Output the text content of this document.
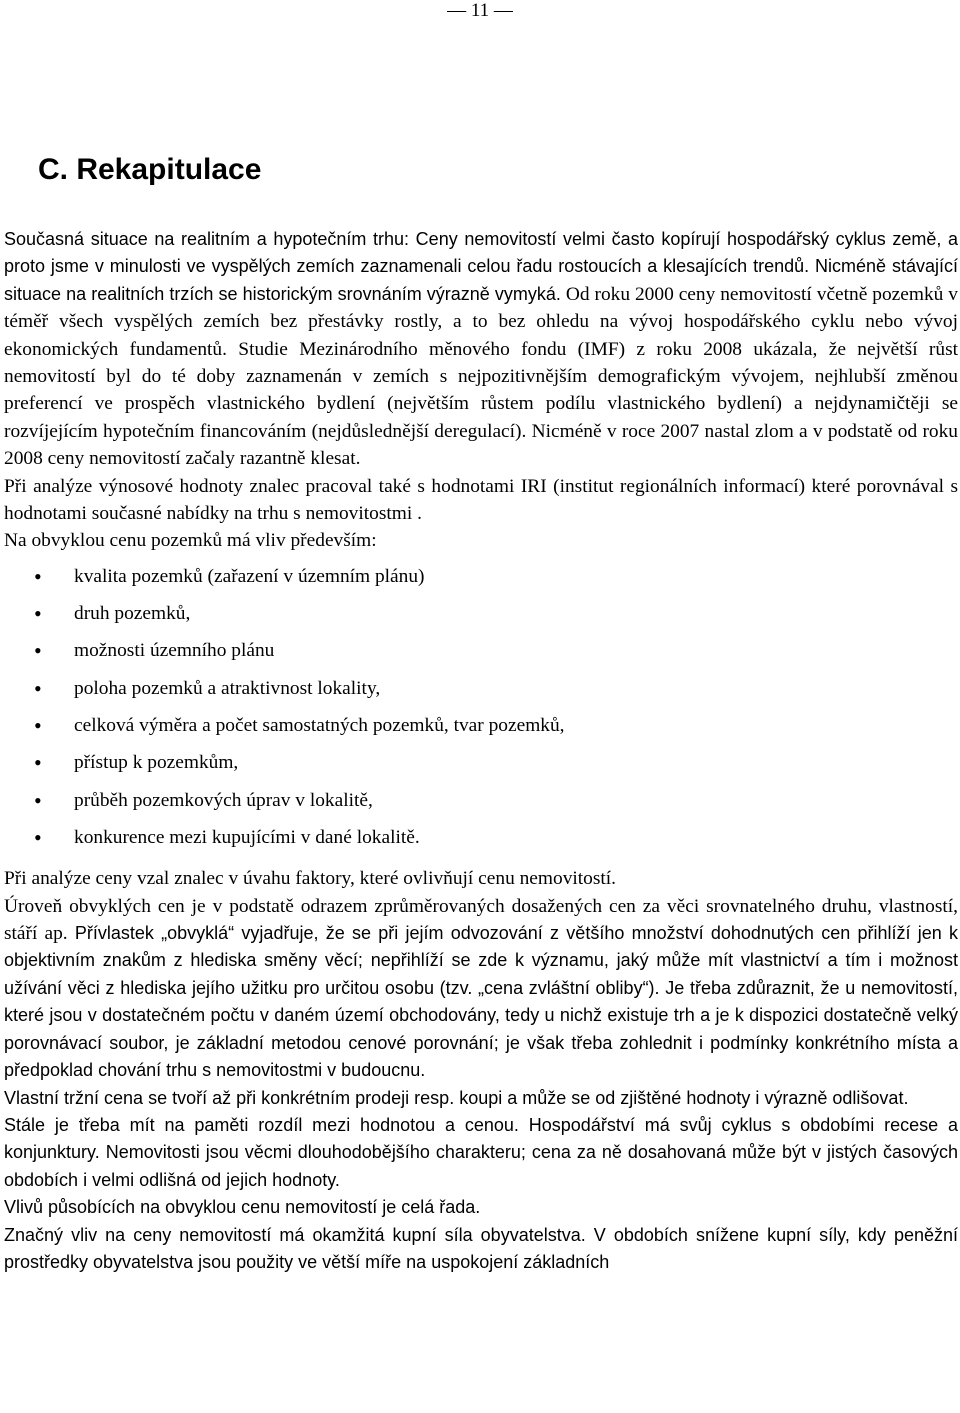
— 11 —
C. Rekapitulace

Současná situace na realitním a hypotečním trhu: Ceny nemovitostí velmi často kopírují hospodářský cyklus země, a proto jsme v minulosti ve vyspělých zemích zaznamenali celou řadu rostoucích a klesajících trendů. Nicméně stávající situace na realitních trzích se historickým srovnáním výrazně vymyká. Od roku 2000 ceny nemovitostí včetně pozemků v téměř všech vyspělých zemích bez přestávky rostly, a to bez ohledu na vývoj hospodářského cyklu nebo vývoj ekonomických fundamentů. Studie Mezinárodního měnového fondu (IMF) z roku 2008 ukázala, že největší růst nemovitostí byl do té doby zaznamenán v zemích s nejpozitivnějším demografickým vývojem, nejhlubší změnou preferencí ve prospěch vlastnického bydlení (největším růstem podílu vlastnického bydlení) a nejdynamičtěji se rozvíjejícím hypotečním financováním (nejdůslednější deregulací). Nicméně v roce 2007 nastal zlom a v podstatě od roku 2008 ceny nemovitostí začaly razantně klesat.

Při analýze výnosové hodnoty znalec pracoval také s hodnotami IRI (institut regionálních informací) které porovnával s hodnotami současné nabídky na trhu s nemovitostmi .

Na obvyklou cenu pozemků má vliv především:

• kvalita pozemků (zařazení v územním plánu)
• druh pozemků,
• možnosti územního plánu
• poloha pozemků a atraktivnost lokality,
• celková výměra a počet samostatných pozemků, tvar pozemků,
• přístup k pozemkům,
• průběh pozemkových úprav v lokalitě,
• konkurence mezi kupujícími v dané lokalitě.

Při analýze ceny vzal znalec v úvahu faktory, které ovlivňují cenu nemovitostí.

Úroveň obvyklých cen je v podstatě odrazem zprůměrovaných dosažených cen za věci srovnatelného druhu, vlastností, stáří ap. Přívlastek „obvyklá“ vyjadřuje, že se při jejím odvozování z většího množství dohodnutých cen přihlíží jen k objektivním znakům z hlediska směny věcí; nepřihlíží se zde k významu, jaký může mít vlastnictví a tím i možnost užívání věci z hlediska jejího užitku pro určitou osobu (tzv. „cena zvláštní obliby“). Je třeba zdůraznit, že u nemovitostí, které jsou v dostatečném počtu v daném území obchodovány, tedy u nichž existuje trh a je k dispozici dostatečně velký porovnávací soubor, je základní metodou cenové porovnání; je však třeba zohlednit i podmínky konkrétního místa a předpoklad chování trhu s nemovitostmi v budoucnu.

Vlastní tržní cena se tvoří až při konkrétním prodeji resp. koupi a může se od zjištěné hodnoty i výrazně odlišovat.

Stále je třeba mít na paměti rozdíl mezi hodnotou a cenou. Hospodářství má svůj cyklus s obdobími recese a konjunktury. Nemovitosti jsou věcmi dlouhodobějšího charakteru; cena za ně dosahovaná může být v jistých časových obdobích i velmi odlišná od jejich hodnoty.

Vlivů působících na obvyklou cenu nemovitostí je celá řada.

Značný vliv na ceny nemovitostí má okamžitá kupní síla obyvatelstva. V obdobích snížene kupní síly, kdy peněžní prostředky obyvatelstva jsou použity ve větší míře na uspokojení základních
